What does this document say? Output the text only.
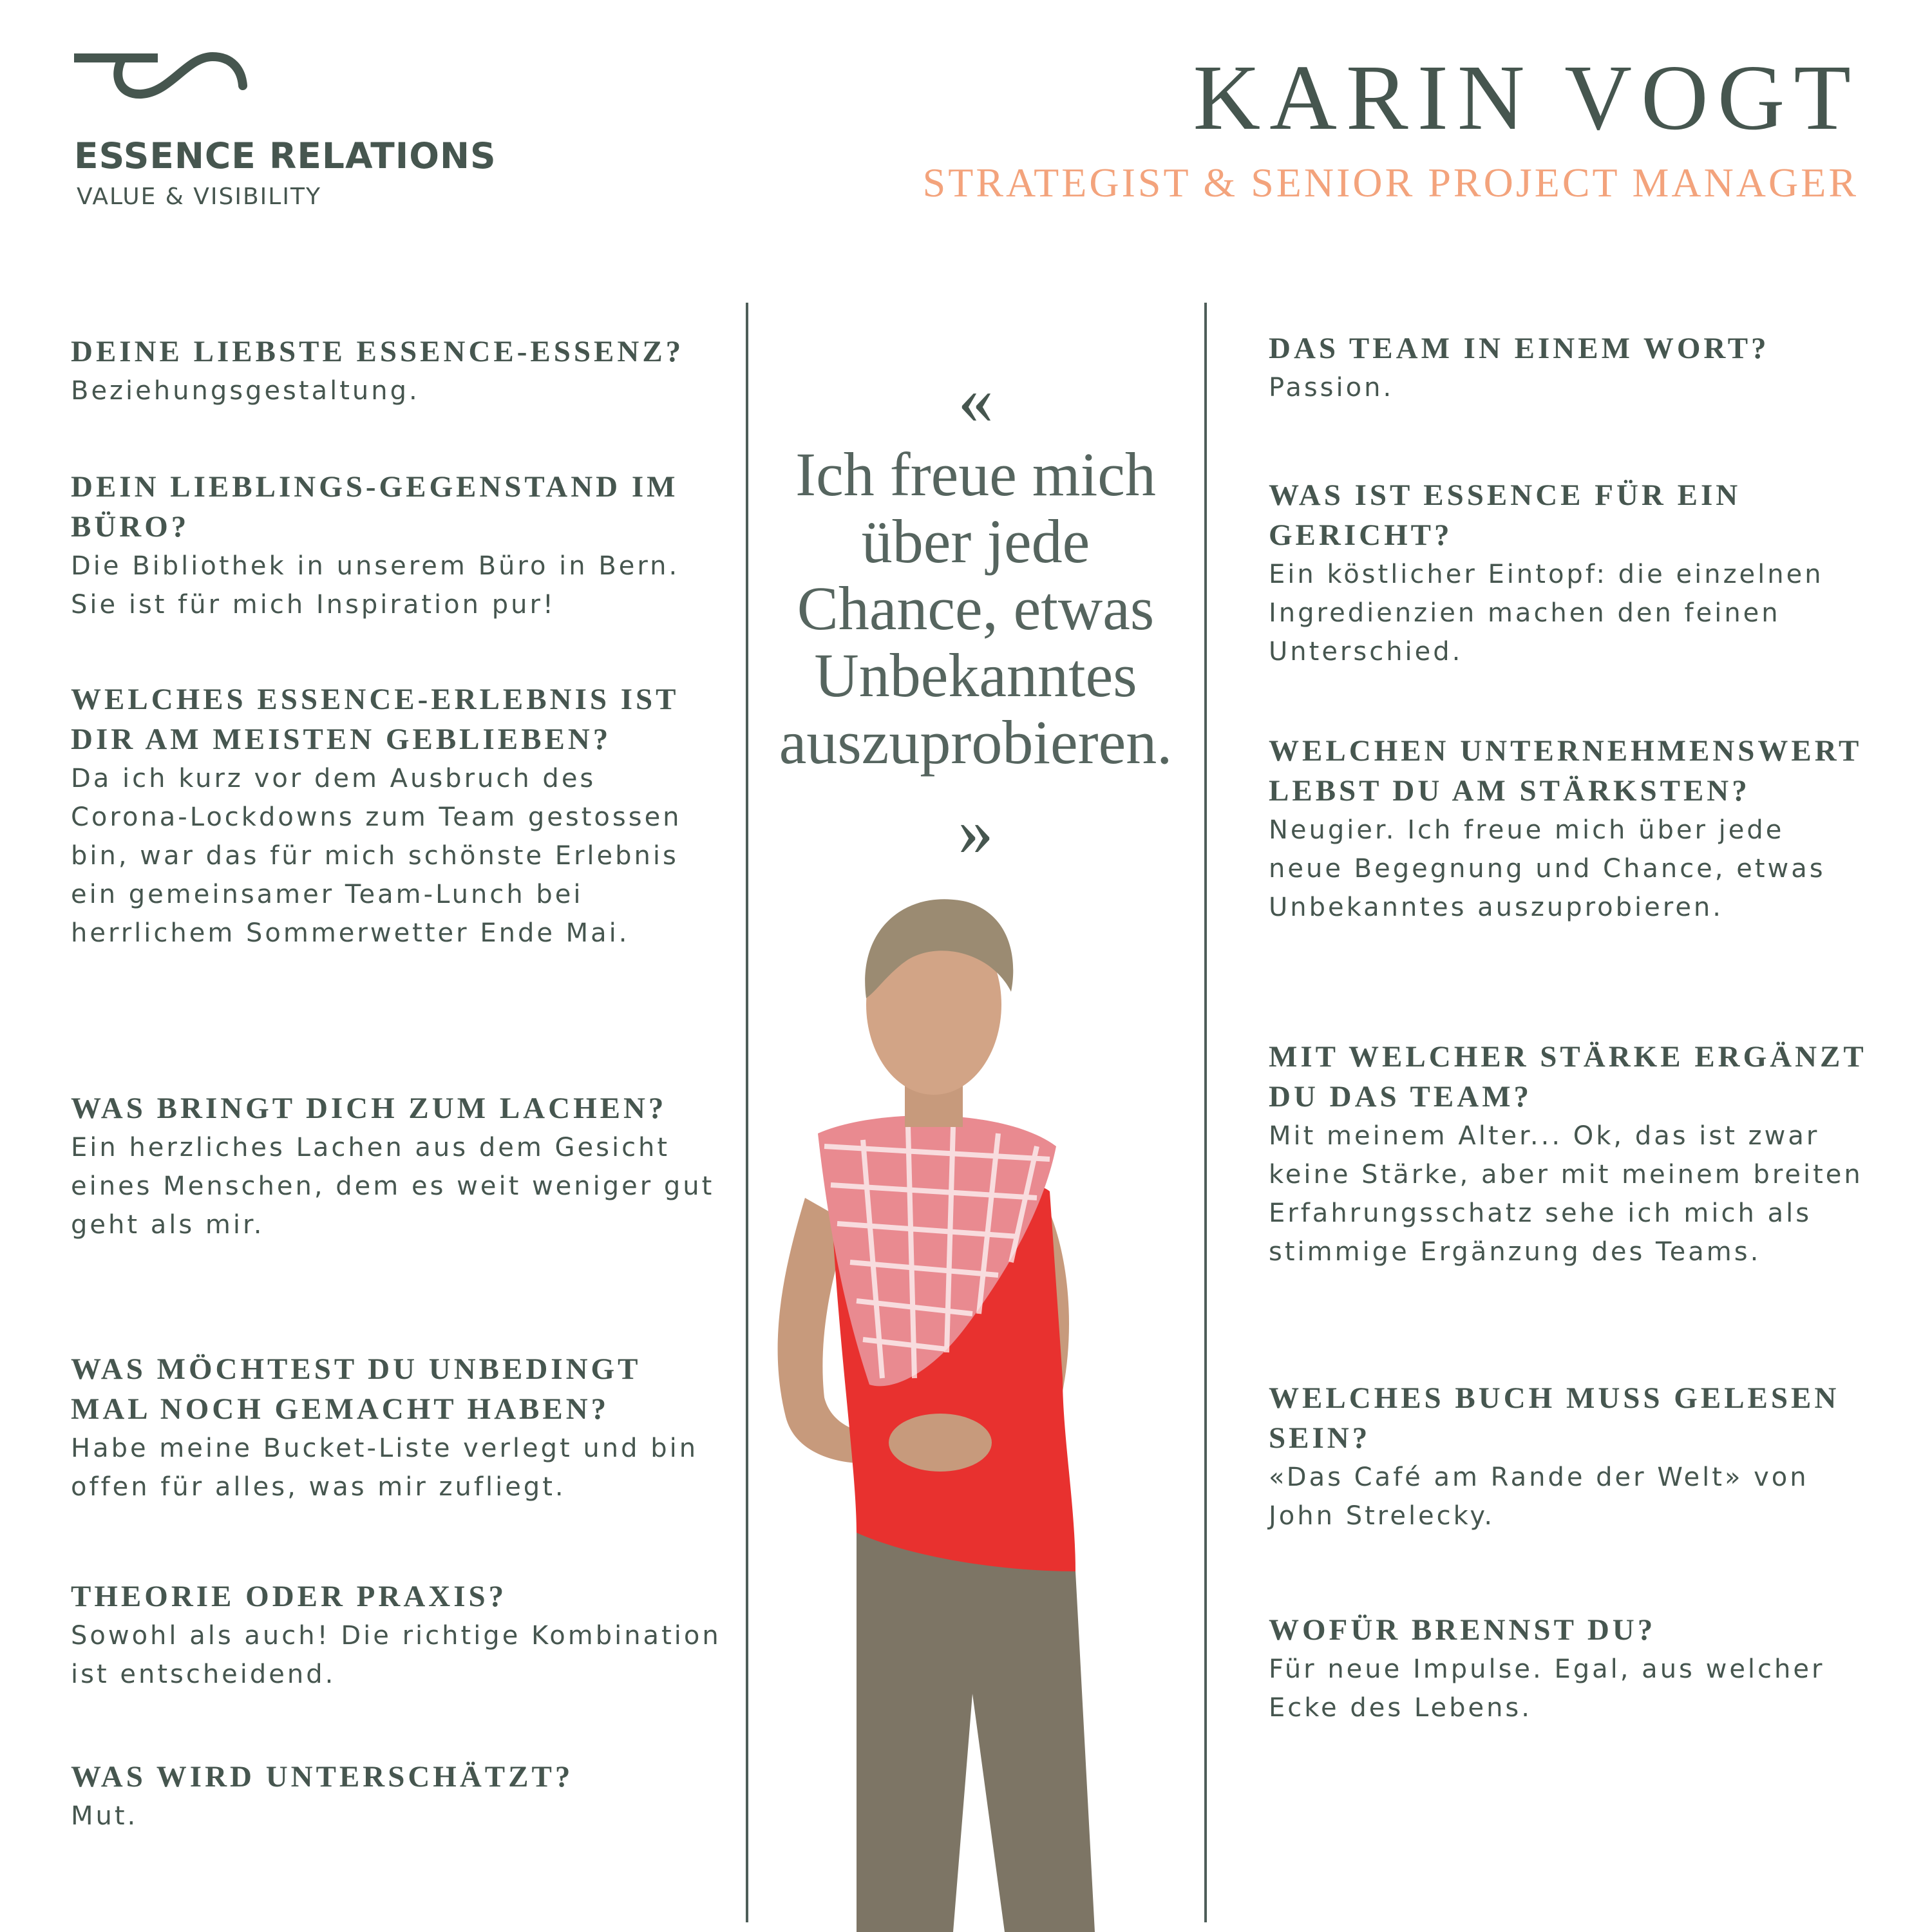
ESSENCE RELATIONS
VALUE & VISIBILITY
KARIN VOGT
STRATEGIST & SENIOR PROJECT MANAGER
DEINE LIEBSTE ESSENCE-ESSENZ?
Beziehungsgestaltung.
DEIN LIEBLINGS-GEGENSTAND IM BÜRO?
Die Bibliothek in unserem Büro in Bern. Sie ist für mich Inspiration pur!
WELCHES ESSENCE-ERLEBNIS IST DIR AM MEISTEN GEBLIEBEN?
Da ich kurz vor dem Ausbruch des Corona-Lockdowns zum Team gestossen bin, war das für mich schönste Erlebnis ein gemeinsamer Team-Lunch bei herrlichem Sommerwetter Ende Mai.
WAS BRINGT DICH ZUM LACHEN?
Ein herzliches Lachen aus dem Gesicht eines Menschen, dem es weit weniger gut geht als mir.
WAS MÖCHTEST DU UNBEDINGT MAL NOCH GEMACHT HABEN?
Habe meine Bucket-Liste verlegt und bin offen für alles, was mir zufliegt.
THEORIE ODER PRAXIS?
Sowohl als auch! Die richtige Kombination ist entscheidend.
WAS WIRD UNTERSCHÄTZT?
Mut.
«
Ich freue mich über jede Chance, etwas Unbekanntes auszuprobieren.
»
DAS TEAM IN EINEM WORT?
Passion.
WAS IST ESSENCE FÜR EIN GERICHT?
Ein köstlicher Eintopf: die einzelnen Ingredienzien machen den feinen Unterschied.
WELCHEN UNTERNEHMENSWERT LEBST DU AM STÄRKSTEN?
Neugier. Ich freue mich über jede neue Begegnung und Chance, etwas Unbekanntes auszuprobieren.
MIT WELCHER STÄRKE ERGÄNZT DU DAS TEAM?
Mit meinem Alter... Ok, das ist zwar keine Stärke, aber mit meinem breiten Erfahrungsschatz sehe ich mich als stimmige Ergänzung des Teams.
WELCHES BUCH MUSS GELESEN SEIN?
«Das Café am Rande der Welt» von John Strelecky.
WOFÜR BRENNST DU?
Für neue Impulse. Egal, aus welcher Ecke des Lebens.
